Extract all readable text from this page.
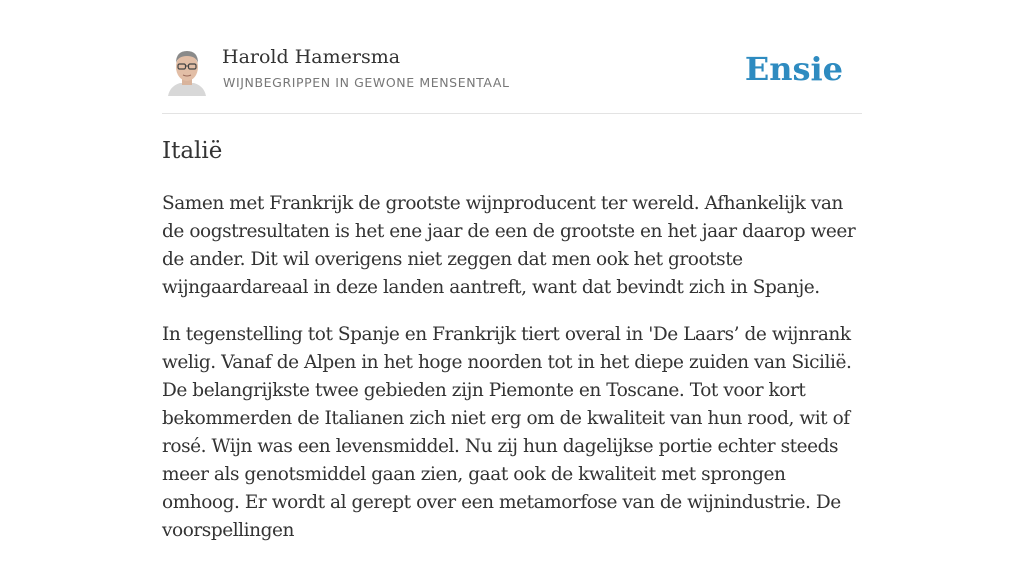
Harold Hamersma
WIJNBEGRIPPEN IN GEWONE MENSENTAAL	Ensie
Italië

Samen met Frankrijk de grootste wijnproducent ter wereld. Afhankelijk van de oogstresultaten is het ene jaar de een de grootste en het jaar daarop weer de ander. Dit wil overigens niet zeggen dat men ook het grootste wijngaardareaal in deze landen aantreft, want dat bevindt zich in Spanje.

In tegenstelling tot Spanje en Frankrijk tiert overal in 'De Laars’ de wijnrank welig. Vanaf de Alpen in het hoge noorden tot in het diepe zuiden van Sicilië. De belangrijkste twee gebieden zijn Piemonte en Toscane. Tot voor kort bekommerden de Italianen zich niet erg om de kwaliteit van hun rood, wit of rosé. Wijn was een levensmiddel. Nu zij hun dagelijkse portie echter steeds meer als genotsmiddel gaan zien, gaat ook de kwaliteit met sprongen omhoog. Er wordt al gerept over een metamorfose van de wijnindustrie. De voorspellingen
